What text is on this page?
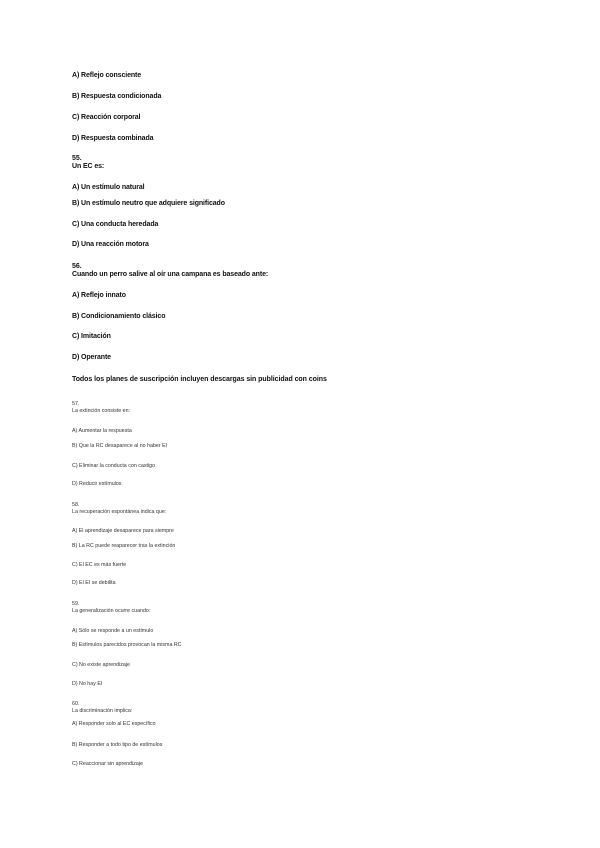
A) Reflejo consciente
B) Respuesta condicionada
C) Reacción corporal
D) Respuesta combinada
55.
Un EC es:
A) Un estímulo natural
B) Un estímulo neutro que adquiere significado
C) Una conducta heredada
D) Una reacción motora
56.
Cuando un perro salive al oír una campana es baseado ante:
A) Reflejo innato
B) Condicionamiento clásico
C) Imitación
D) Operante
Todos los planes de suscripción incluyen descargas sin publicidad con coins
57.
La extinción consiste en:
A) Aumentar la respuesta
B) Que la RC desaparece al no haber EI
C) Eliminar la conducta con castigo
D) Reducir estímulos
58.
La recuperación espontánea indica que:
A) El aprendizaje desaparece para siempre
B) La RC puede reaparecer tras la extinción
C) El EC es más fuerte
D) El EI se debilita
59.
La generalización ocurre cuando:
A) Sólo se responde a un estímulo
B) Estímulos parecidos provocan la misma RC
C) No existe aprendizaje
D) No hay EI
60.
La discriminación implica:
A) Responder solo al EC específico
B) Responder a todo tipo de estímulos
C) Reaccionar sin aprendizaje
